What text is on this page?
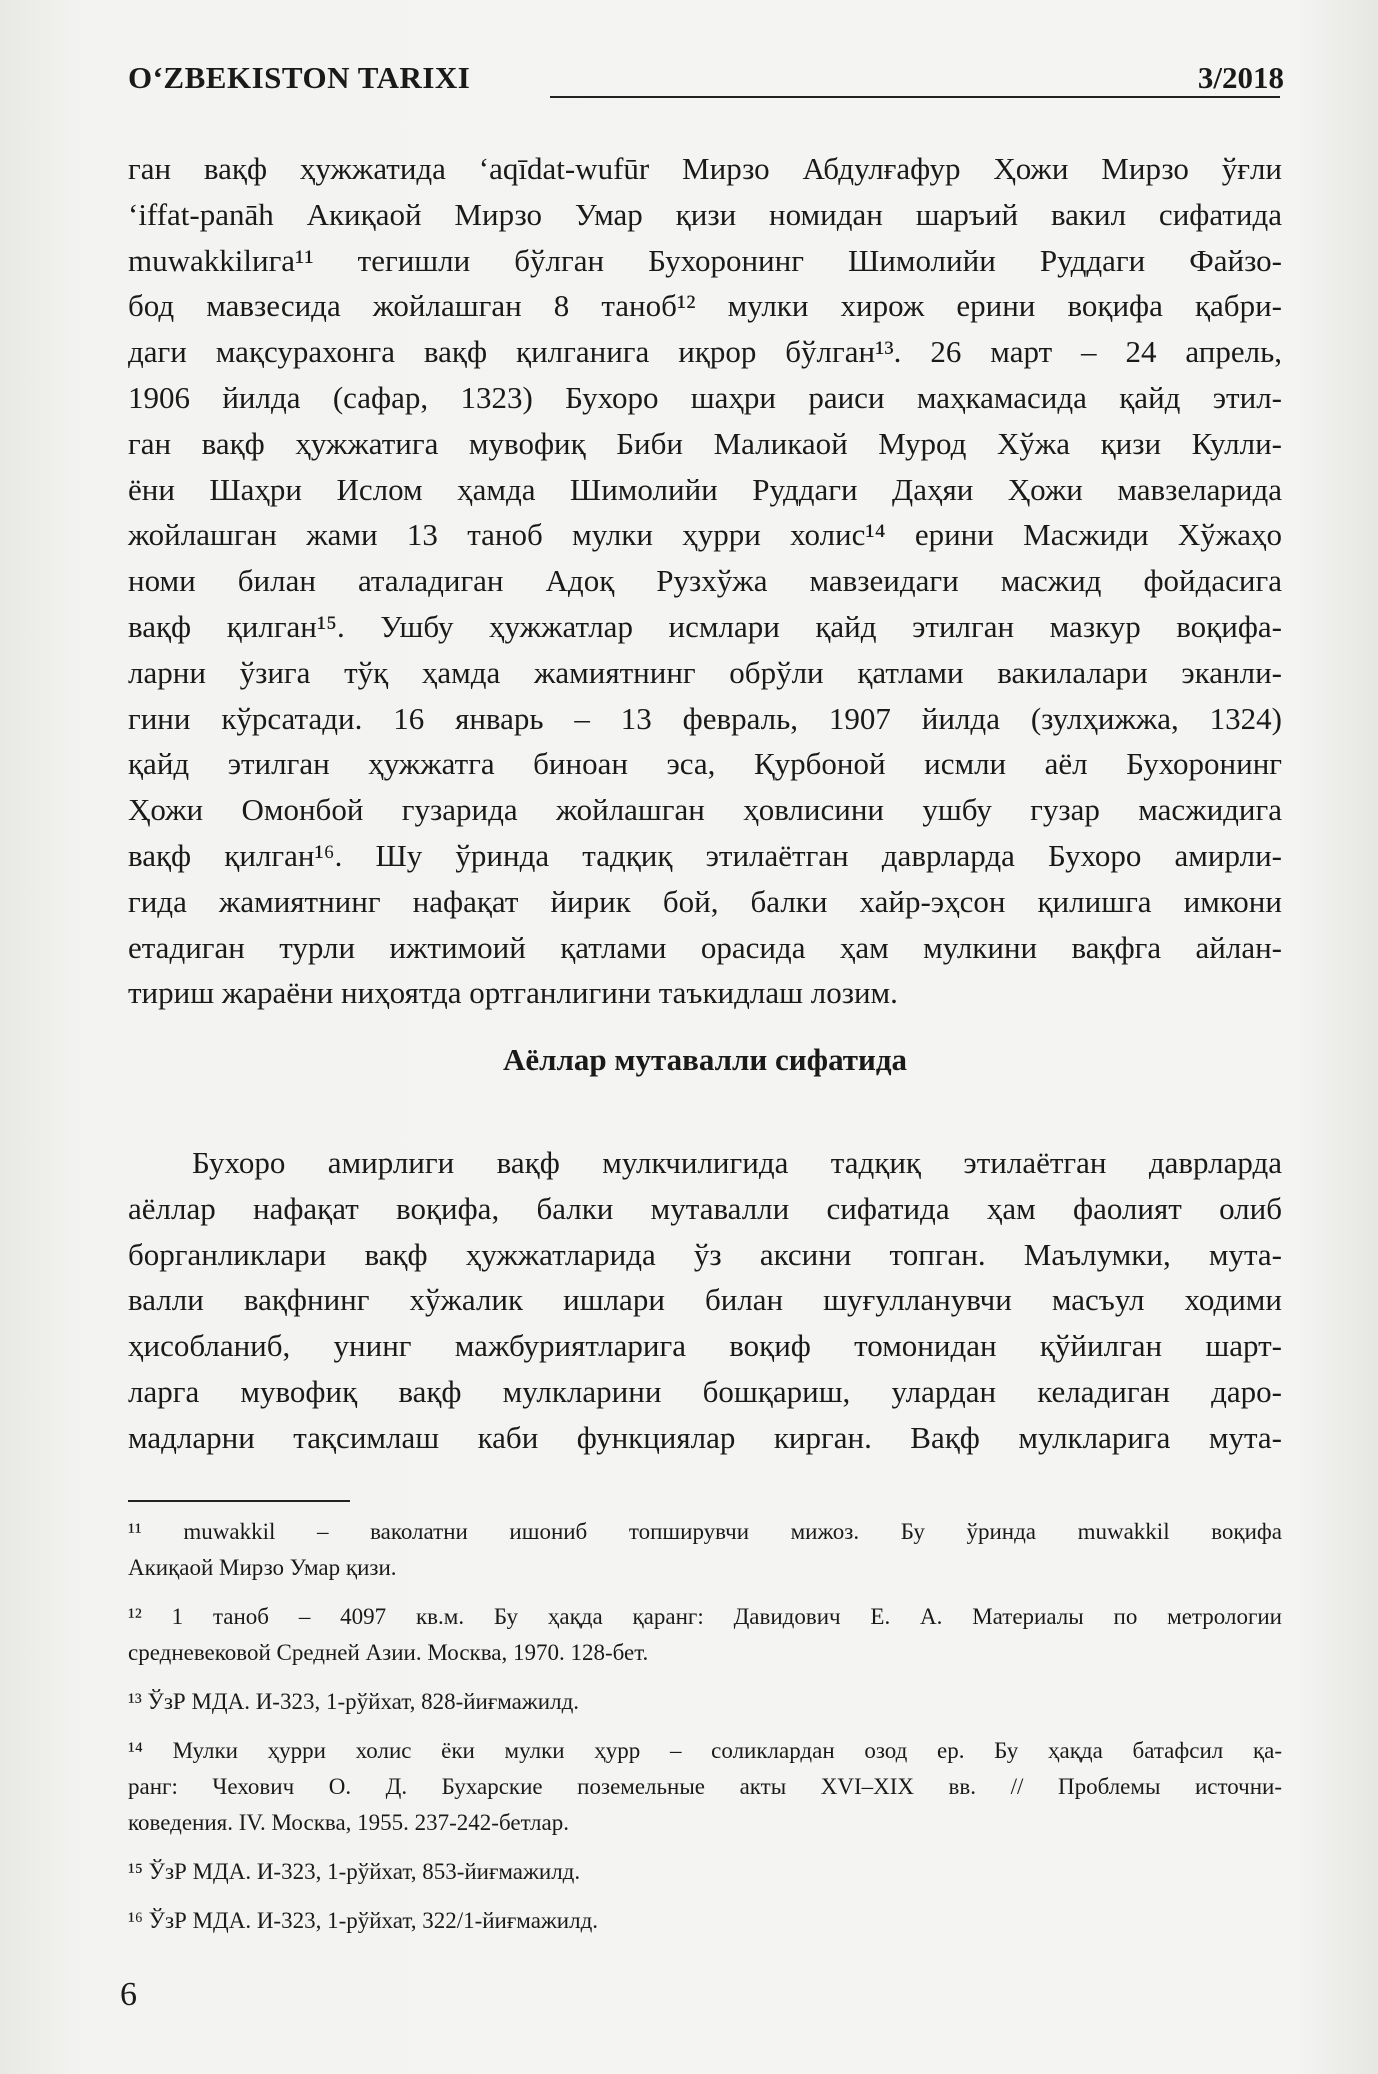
O‘ZBEKISTON TARIXI	3/2018
ган вақф ҳужжатида ‘aqīdat-wufūr Мирзо Абдулғафур Ҳожи Мирзо ўғли
‘iffat-panāh Акиқаой Мирзо Умар қизи номидан шаръий вакил сифатида
muwakkilига¹¹ тегишли бўлган Бухоронинг Шимолийи Руддаги Файзо-
бод мавзесида жойлашган 8 таноб¹² мулки хирож ерини воқифа қабри-
даги мақсурахонга вақф қилганига иқрор бўлган¹³. 26 март – 24 апрель,
1906 йилда (сафар, 1323) Бухоро шаҳри раиси маҳкамасида қайд этил-
ган вақф ҳужжатига мувофиқ Биби Маликаой Мурод Хўжа қизи Кулли-
ёни Шаҳри Ислом ҳамда Шимолийи Руддаги Даҳяи Ҳожи мавзеларида
жойлашган жами 13 таноб мулки ҳурри холис¹⁴ ерини Масжиди Хўжаҳо
номи билан аталадиган Адоқ Рузхўжа мавзеидаги масжид фойдасига
вақф қилган¹⁵. Ушбу ҳужжатлар исмлари қайд этилган мазкур воқифа-
ларни ўзига тўқ ҳамда жамиятнинг обрўли қатлами вакилалари эканли-
гини кўрсатади. 16 январь – 13 февраль, 1907 йилда (зулҳижжа, 1324)
қайд этилган ҳужжатга биноан эса, Қурбоной исмли аёл Бухоронинг
Ҳожи Омонбой гузарида жойлашган ҳовлисини ушбу гузар масжидига
вақф қилган¹⁶. Шу ўринда тадқиқ этилаётган даврларда Бухоро амирли-
гида жамиятнинг нафақат йирик бой, балки хайр-эҳсон қилишга имкони
етадиган турли ижтимоий қатлами орасида ҳам мулкини вақфга айлан-
тириш жараёни ниҳоятда ортганлигини таъкидлаш лозим.
Аёллар мутавалли сифатида
Бухоро амирлиги вақф мулкчилигида тадқиқ этилаётган даврларда
аёллар нафақат воқифа, балки мутавалли сифатида ҳам фаолият олиб
борганликлари вақф ҳужжатларида ўз аксини топган. Маълумки, мута-
валли вақфнинг хўжалик ишлари билан шуғулланувчи масъул ходими
ҳисобланиб, унинг мажбуриятларига воқиф томонидан қўйилган шарт-
ларга мувофиқ вақф мулкларини бошқариш, улардан келадиган даро-
мадларни тақсимлаш каби функциялар кирган. Вақф мулкларига мута-
¹¹ muwakkil – ваколатни ишониб топширувчи мижоз. Бу ўринда muwakkil воқифа
Акиқаой Мирзо Умар қизи.
¹² 1 таноб – 4097 кв.м. Бу ҳақда қаранг: Давидович Е. А. Материалы по метрологии
средневековой Средней Азии. Москва, 1970. 128-бет.
¹³ ЎзР МДА. И-323, 1-рўйхат, 828-йиғмажилд.
¹⁴ Мулки ҳурри холис ёки мулки ҳурр – соликлардан озод ер. Бу ҳақда батафсил қа-
ранг: Чехович О. Д. Бухарские поземельные акты XVI–XIX вв. // Проблемы источни-
коведения. IV. Москва, 1955. 237-242-бетлар.
¹⁵ ЎзР МДА. И-323, 1-рўйхат, 853-йиғмажилд.
¹⁶ ЎзР МДА. И-323, 1-рўйхат, 322/1-йиғмажилд.
6
